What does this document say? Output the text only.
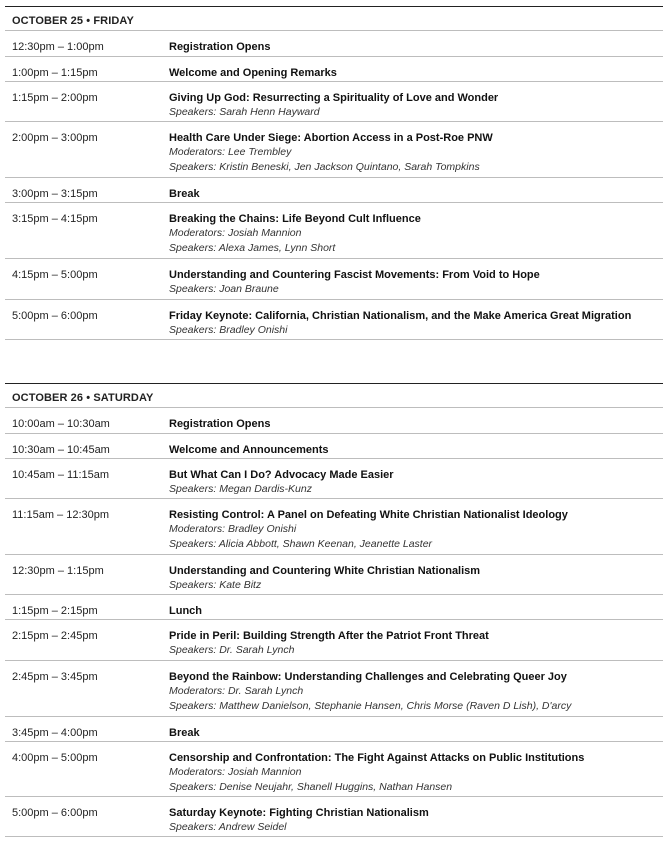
OCTOBER 25 • FRIDAY
12:30pm – 1:00pm	Registration Opens
1:00pm – 1:15pm	Welcome and Opening Remarks
1:15pm – 2:00pm	Giving Up God: Resurrecting a Spirituality of Love and Wonder
Speakers: Sarah Henn Hayward
2:00pm – 3:00pm	Health Care Under Siege: Abortion Access in a Post-Roe PNW
Moderators: Lee Trembley
Speakers: Kristin Beneski, Jen Jackson Quintano, Sarah Tompkins
3:00pm – 3:15pm	Break
3:15pm – 4:15pm	Breaking the Chains: Life Beyond Cult Influence
Moderators: Josiah Mannion
Speakers: Alexa James, Lynn Short
4:15pm – 5:00pm	Understanding and Countering Fascist Movements: From Void to Hope
Speakers: Joan Braune
5:00pm – 6:00pm	Friday Keynote: California, Christian Nationalism, and the Make America Great Migration
Speakers: Bradley Onishi
OCTOBER 26 • SATURDAY
10:00am – 10:30am	Registration Opens
10:30am – 10:45am	Welcome and Announcements
10:45am – 11:15am	But What Can I Do? Advocacy Made Easier
Speakers: Megan Dardis-Kunz
11:15am – 12:30pm	Resisting Control: A Panel on Defeating White Christian Nationalist Ideology
Moderators: Bradley Onishi
Speakers: Alicia Abbott, Shawn Keenan, Jeanette Laster
12:30pm – 1:15pm	Understanding and Countering White Christian Nationalism
Speakers: Kate Bitz
1:15pm – 2:15pm	Lunch
2:15pm – 2:45pm	Pride in Peril: Building Strength After the Patriot Front Threat
Speakers: Dr. Sarah Lynch
2:45pm – 3:45pm	Beyond the Rainbow: Understanding Challenges and Celebrating Queer Joy
Moderators: Dr. Sarah Lynch
Speakers: Matthew Danielson, Stephanie Hansen, Chris Morse (Raven D Lish), D'arcy
3:45pm – 4:00pm	Break
4:00pm – 5:00pm	Censorship and Confrontation: The Fight Against Attacks on Public Institutions
Moderators: Josiah Mannion
Speakers: Denise Neujahr, Shanell Huggins, Nathan Hansen
5:00pm – 6:00pm	Saturday Keynote: Fighting Christian Nationalism
Speakers: Andrew Seidel
